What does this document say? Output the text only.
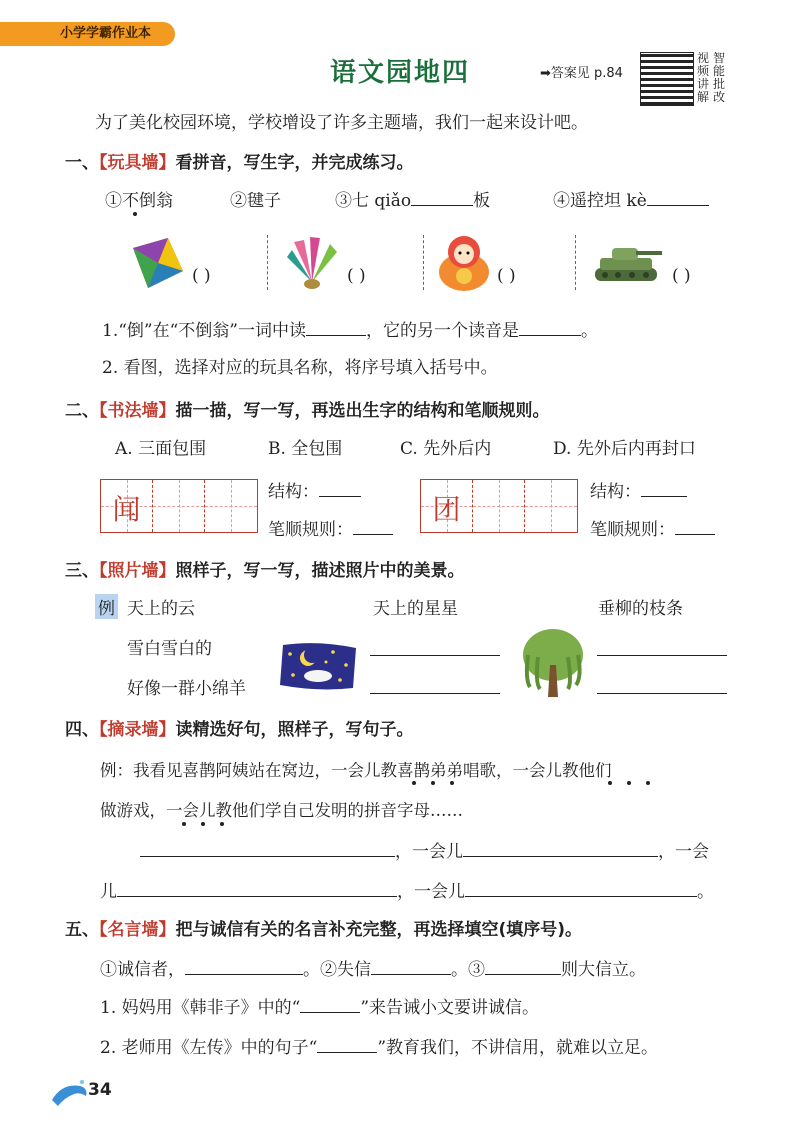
小学学霸作业本
语文园地四	➡答案见 p.84
视 智
频 能
讲 批
解 改
为了美化校园环境，学校增设了许多主题墙，我们一起来设计吧。
一、【玩具墙】看拼音，写生字，并完成练习。
①不倒翁	②毽子	③七 qiǎo	板	④遥控坦 kè
( )	( )	( )	( )
1.“倒”在“不倒翁”一词中读	，它的另一个读音是	。
2. 看图，选择对应的玩具名称，将序号填入括号中。
二、【书法墙】描一描，写一写，再选出生字的结构和笔顺规则。
A. 三面包围	B. 全包围	C. 先外后内	D. 先外后内再封口
闻
结构：
笔顺规则：
团
结构：
笔顺规则：
三、【照片墙】照样子，写一写，描述照片中的美景。
例 天上的云
雪白雪白的
好像一群小绵羊
天上的星星	垂柳的枝条
四、【摘录墙】读精选好句，照样子，写句子。
例：我看见喜鹊阿姨站在窝边，一会儿教喜鹊弟弟唱歌，一会儿教他们
做游戏，一会儿教他们学自己发明的拼音字母……
，一会儿	，一会
儿	，一会儿	。
五、【名言墙】把与诚信有关的名言补充完整，再选择填空(填序号)。
①诚信者，	。②失信	。③	则大信立。
1. 妈妈用《韩非子》中的“	”来告诫小文要讲诚信。
2. 老师用《左传》中的句子“	”教育我们，不讲信用，就难以立足。
34
